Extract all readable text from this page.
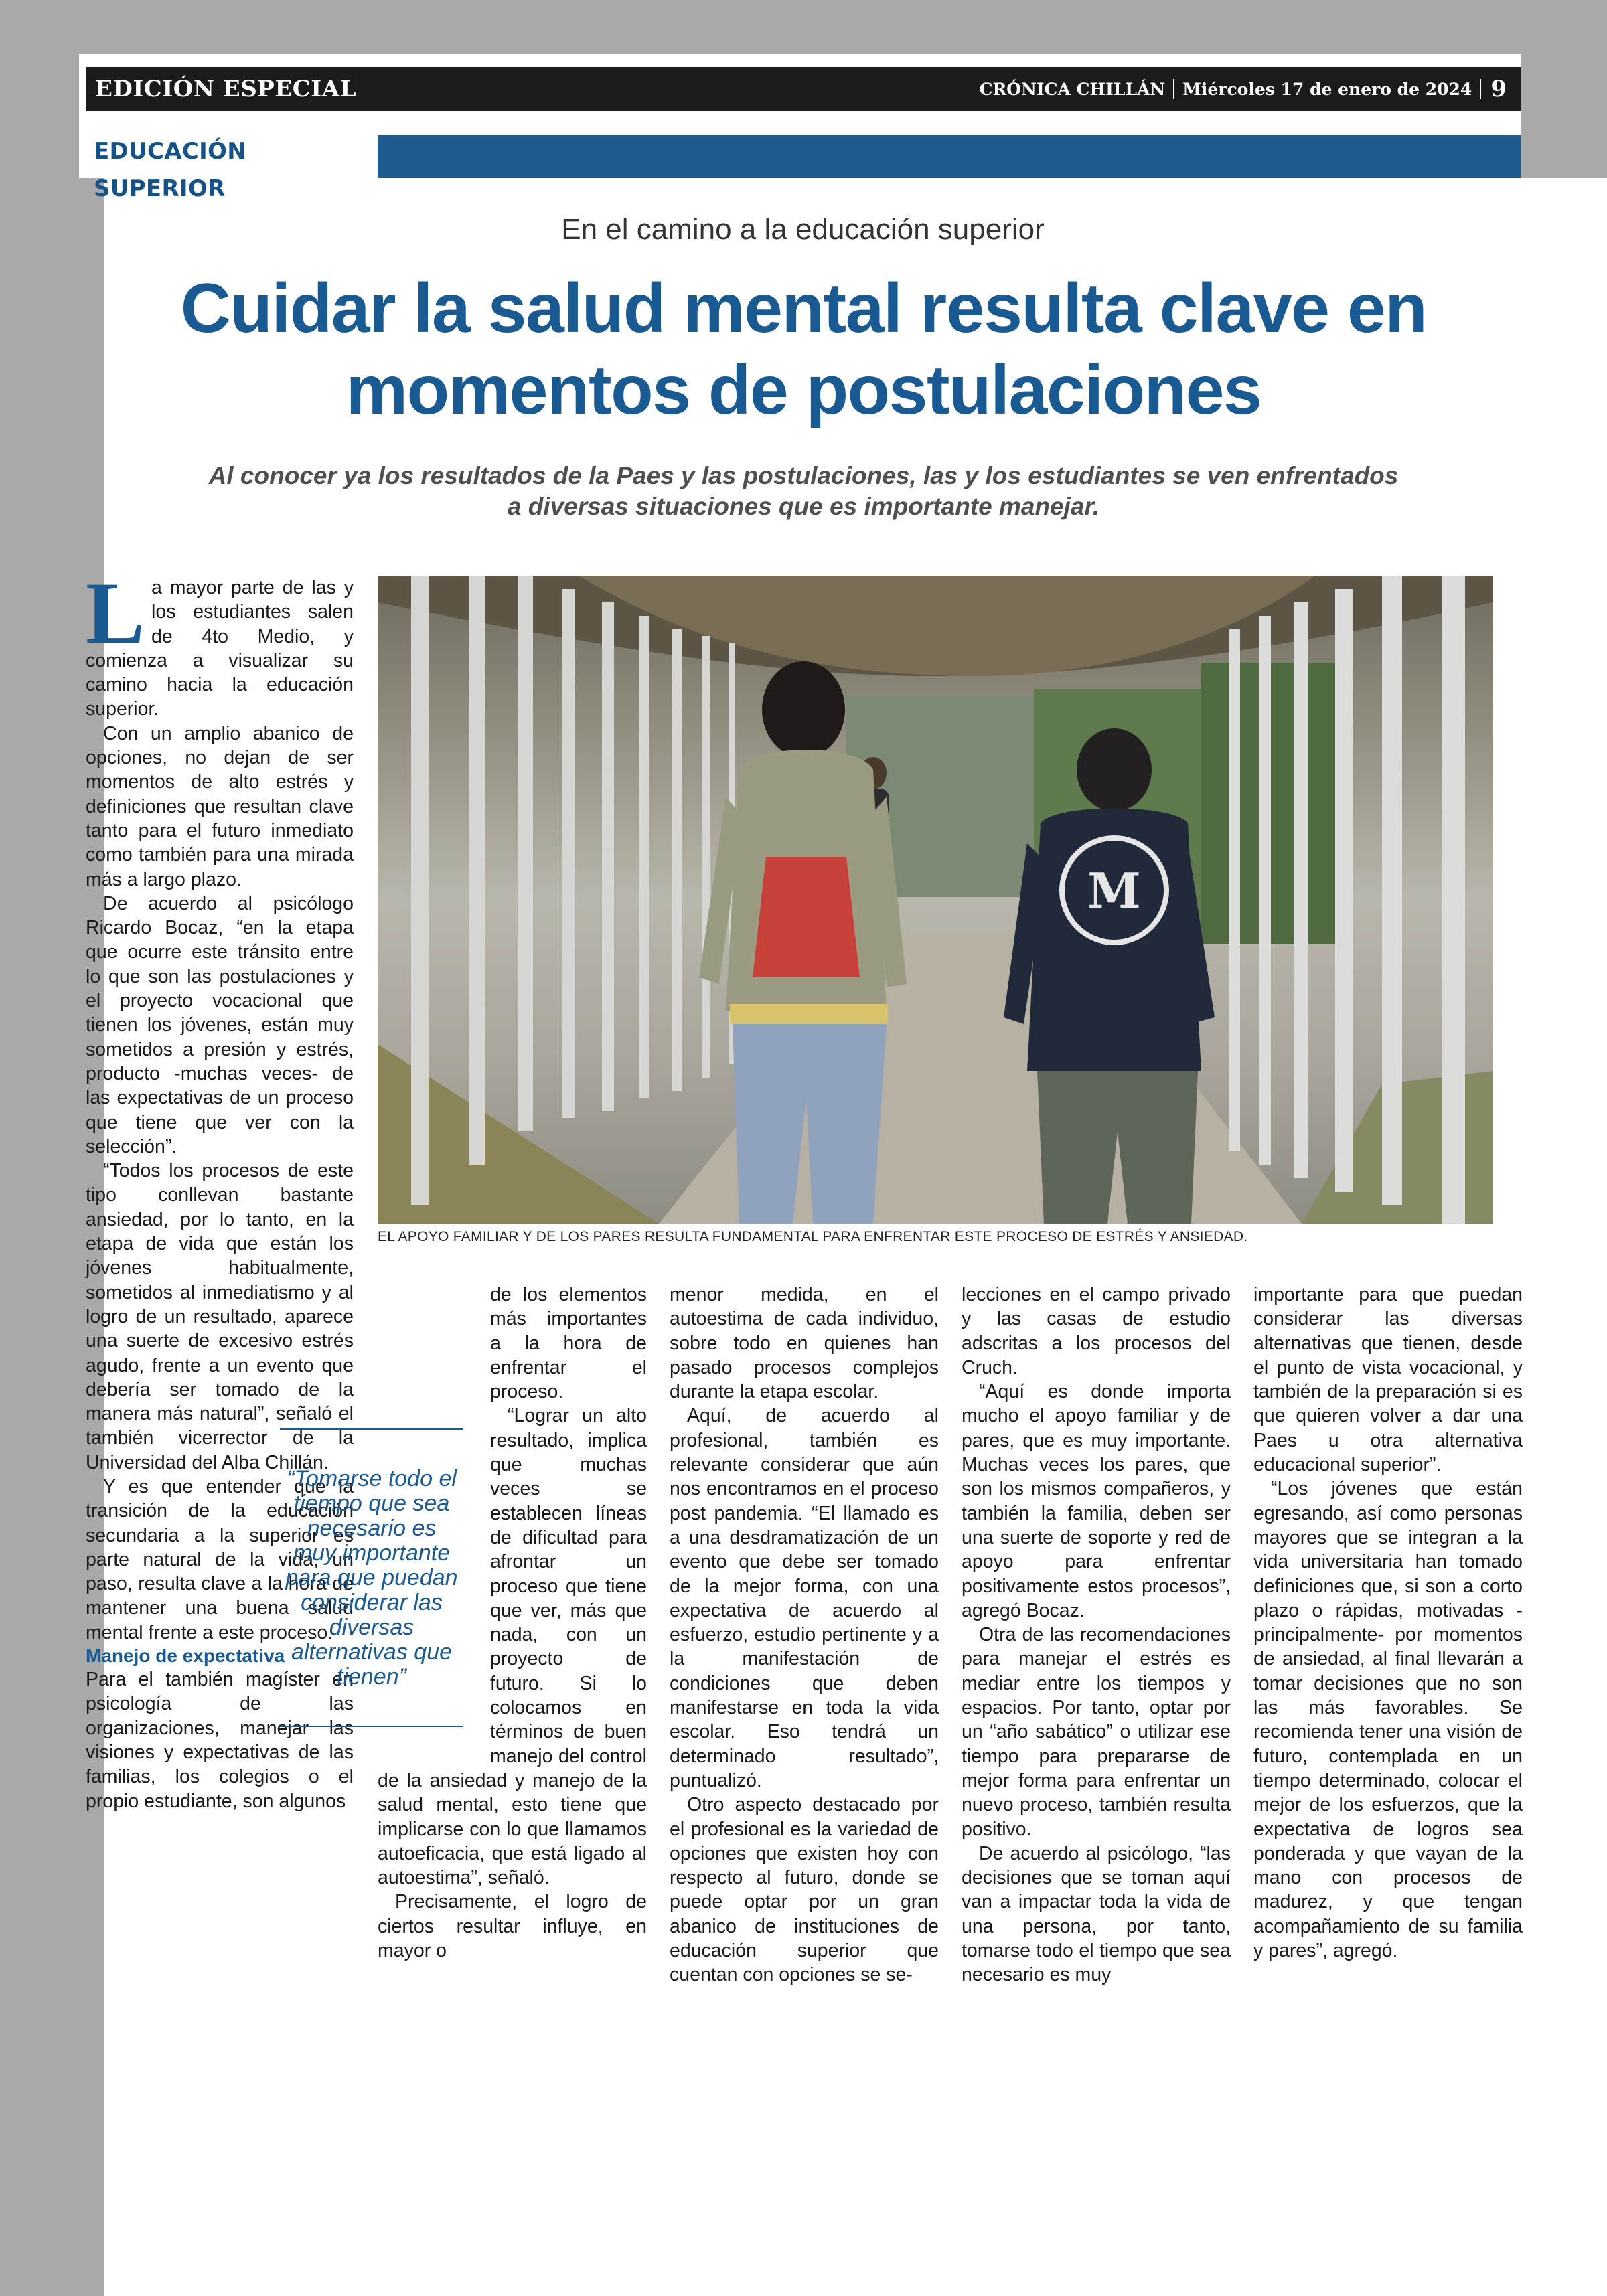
EDICIÓN ESPECIAL	CRÓNICA CHILLÁN Miércoles 17 de enero de 2024 9
EDUCACIÓN SUPERIOR
En el camino a la educación superior
Cuidar la salud mental resulta clave en
momentos de postulaciones

Al conocer ya los resultados de la Paes y las postulaciones, las y los estudiantes se ven enfrentados
a diversas situaciones que es importante manejar.

M
EL APOYO FAMILIAR Y DE LOS PARES RESULTA FUNDAMENTAL PARA ENFRENTAR ESTE PROCESO DE ESTRÉS Y ANSIEDAD.

La mayor parte de las y los estudiantes salen de 4to Medio, y comienza a visualizar su camino hacia la educación superior.

Con un amplio abanico de opciones, no dejan de ser momentos de alto estrés y definiciones que resultan clave tanto para el futuro inmediato como también para una mirada más a largo plazo.

De acuerdo al psicólogo Ricardo Bocaz, “en la etapa que ocurre este tránsito entre lo que son las postulaciones y el proyecto vocacional que tienen los jóvenes, están muy sometidos a presión y estrés, producto -muchas veces- de las expectativas de un proceso que tiene que ver con la selección”.

“Todos los procesos de este tipo conllevan bastante ansiedad, por lo tanto, en la etapa de vida que están los jóvenes habitualmente, sometidos al inmediatismo y al logro de un resultado, aparece una suerte de excesivo estrés agudo, frente a un evento que debería ser tomado de la manera más natural”, señaló el también vicerrector de la Universidad del Alba Chillán.

Y es que entender que la transición de la educación secundaria a la superior es parte natural de la vida, un paso, resulta clave a la hora de mantener una buena salud mental frente a este proceso.

Manejo de expectativa

Para el también magíster en psicología de las organizaciones, manejar las visiones y expectativas de las familias, los colegios o el propio estudiante, son algunos

de los elementos más importantes a la hora de enfrentar el proceso.

“Lograr un alto resultado, implica que muchas veces se establecen líneas de dificultad para afrontar un proceso que tiene que ver, más que nada, con un proyecto de futuro. Si lo colocamos en términos de buen manejo del control de la ansiedad y manejo de la salud mental, esto tiene que implicarse con lo que llamamos autoeficacia, que está ligado al autoestima”, señaló.

Precisamente, el logro de ciertos resultar influye, en mayor o

“Tomarse todo el tiempo que sea necesario es muy importante para que puedan considerar las diversas alternativas que tienen”

menor medida, en el autoestima de cada individuo, sobre todo en quienes han pasado procesos complejos durante la etapa escolar.

Aquí, de acuerdo al profesional, también es relevante considerar que aún nos encontramos en el proceso post pandemia. “El llamado es a una desdramatización de un evento que debe ser tomado de la mejor forma, con una expectativa de acuerdo al esfuerzo, estudio pertinente y a la manifestación de condiciones que deben manifestarse en toda la vida escolar. Eso tendrá un determinado resultado”, puntualizó.

Otro aspecto destacado por el profesional es la variedad de opciones que existen hoy con respecto al futuro, donde se puede optar por un gran abanico de instituciones de educación superior que cuentan con opciones se se-

lecciones en el campo privado y las casas de estudio adscritas a los procesos del Cruch.

“Aquí es donde importa mucho el apoyo familiar y de pares, que es muy importante. Muchas veces los pares, que son los mismos compañeros, y también la familia, deben ser una suerte de soporte y red de apoyo para enfrentar positivamente estos procesos”, agregó Bocaz.

Otra de las recomendaciones para manejar el estrés es mediar entre los tiempos y espacios. Por tanto, optar por un “año sabático” o utilizar ese tiempo para prepararse de mejor forma para enfrentar un nuevo proceso, también resulta positivo.

De acuerdo al psicólogo, “las decisiones que se toman aquí van a impactar toda la vida de una persona, por tanto, tomarse todo el tiempo que sea necesario es muy

importante para que puedan considerar las diversas alternativas que tienen, desde el punto de vista vocacional, y también de la preparación si es que quieren volver a dar una Paes u otra alternativa educacional superior”.

“Los jóvenes que están egresando, así como personas mayores que se integran a la vida universitaria han tomado definiciones que, si son a corto plazo o rápidas, motivadas -principalmente- por momentos de ansiedad, al final llevarán a tomar decisiones que no son las más favorables. Se recomienda tener una visión de futuro, contemplada en un tiempo determinado, colocar el mejor de los esfuerzos, que la expectativa de logros sea ponderada y que vayan de la mano con procesos de madurez, y que tengan acompañamiento de su familia y pares”, agregó.
